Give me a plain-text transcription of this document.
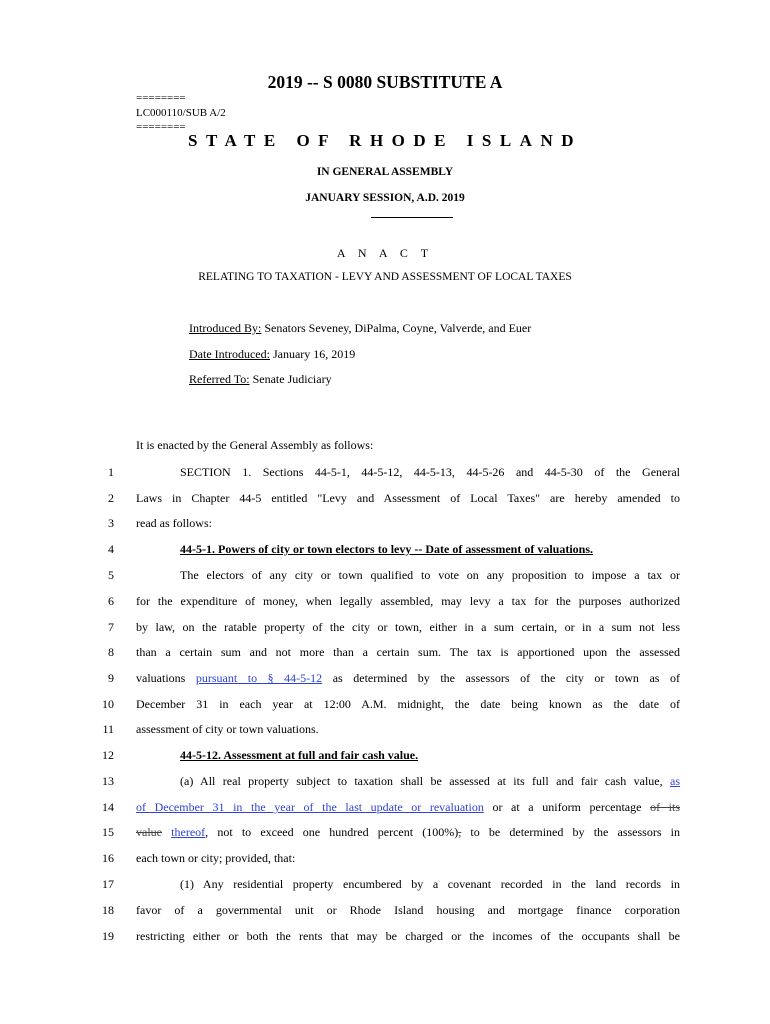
2019 -- S 0080 SUBSTITUTE A
========
LC000110/SUB A/2
========
STATE OF RHODE ISLAND
IN GENERAL ASSEMBLY
JANUARY SESSION, A.D. 2019
A N A C T
RELATING TO TAXATION - LEVY AND ASSESSMENT OF LOCAL TAXES
Introduced By: Senators Seveney, DiPalma, Coyne, Valverde, and Euer
Date Introduced: January 16, 2019
Referred To: Senate Judiciary
It is enacted by the General Assembly as follows:
1
2
3
4
5
6
7
8
9
10
11
12
13
14
15
16
17
18
19
SECTION 1. Sections 44-5-1, 44-5-12, 44-5-13, 44-5-26 and 44-5-30 of the General
Laws in Chapter 44-5 entitled "Levy and Assessment of Local Taxes" are hereby amended to
read as follows:
44-5-1. Powers of city or town electors to levy -- Date of assessment of valuations.
The electors of any city or town qualified to vote on any proposition to impose a tax or
for the expenditure of money, when legally assembled, may levy a tax for the purposes authorized
by law, on the ratable property of the city or town, either in a sum certain, or in a sum not less
than a certain sum and not more than a certain sum. The tax is apportioned upon the assessed
valuations pursuant to § 44-5-12 as determined by the assessors of the city or town as of
December 31 in each year at 12:00 A.M. midnight, the date being known as the date of
assessment of city or town valuations.
44-5-12. Assessment at full and fair cash value.
(a) All real property subject to taxation shall be assessed at its full and fair cash value, as
of December 31 in the year of the last update or revaluation or at a uniform percentage of its
value thereof, not to exceed one hundred percent (100%), to be determined by the assessors in
each town or city; provided, that:
(1) Any residential property encumbered by a covenant recorded in the land records in
favor of a governmental unit or Rhode Island housing and mortgage finance corporation
restricting either or both the rents that may be charged or the incomes of the occupants shall be
